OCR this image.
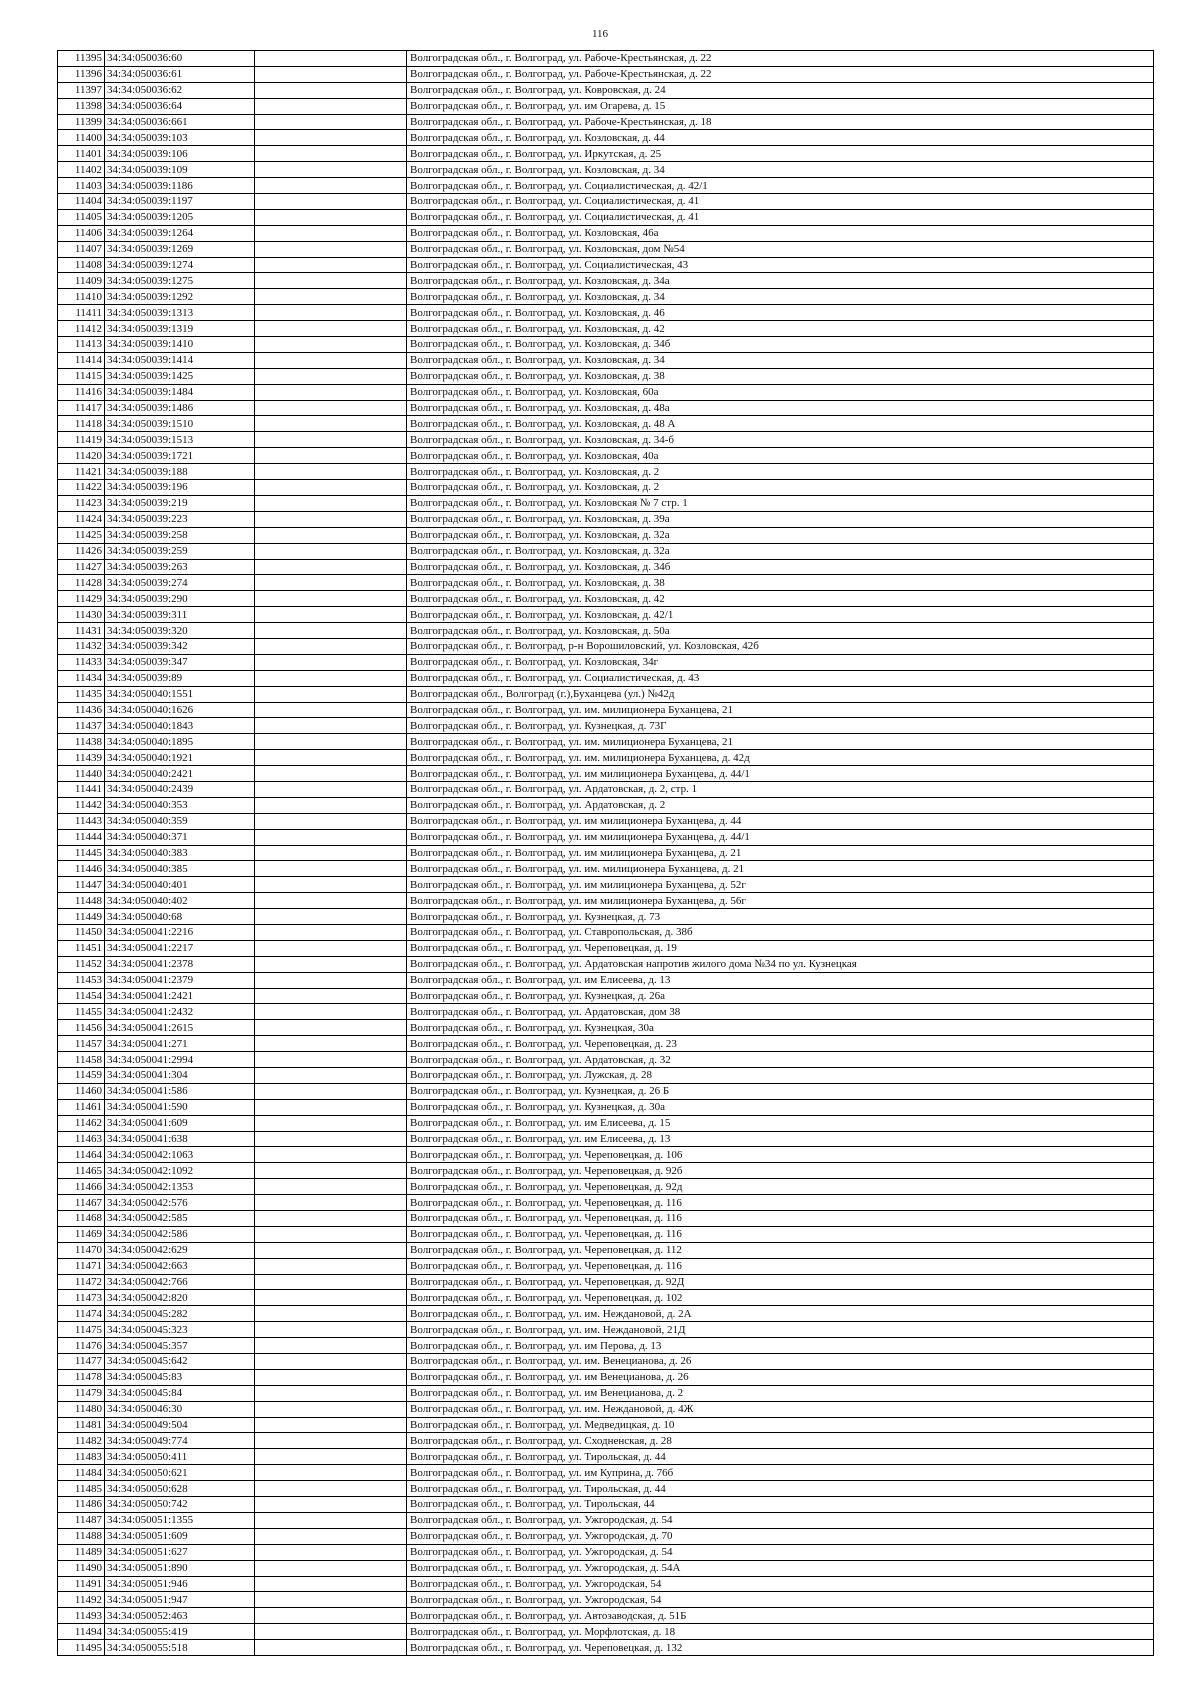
116
11395	34:34:050036:60		Волгоградская обл., г. Волгоград, ул. Рабоче-Крестьянская, д. 22
11396	34:34:050036:61		Волгоградская обл., г. Волгоград, ул. Рабоче-Крестьянская, д. 22
11397	34:34:050036:62		Волгоградская обл., г. Волгоград, ул. Ковровская, д. 24
11398	34:34:050036:64		Волгоградская обл., г. Волгоград, ул. им Огарева, д. 15
11399	34:34:050036:661		Волгоградская обл., г. Волгоград, ул. Рабоче-Крестьянская, д. 18
11400	34:34:050039:103		Волгоградская обл., г. Волгоград, ул. Козловская, д. 44
11401	34:34:050039:106		Волгоградская обл., г. Волгоград, ул. Иркутская, д. 25
11402	34:34:050039:109		Волгоградская обл., г. Волгоград, ул. Козловская, д. 34
11403	34:34:050039:1186		Волгоградская обл., г. Волгоград, ул. Социалистическая, д. 42/1
11404	34:34:050039:1197		Волгоградская обл., г. Волгоград, ул. Социалистическая, д. 41
11405	34:34:050039:1205		Волгоградская обл., г. Волгоград, ул. Социалистическая, д. 41
11406	34:34:050039:1264		Волгоградская обл., г. Волгоград, ул. Козловская, 46а
11407	34:34:050039:1269		Волгоградская обл., г. Волгоград, ул. Козловская, дом №54
11408	34:34:050039:1274		Волгоградская обл., г. Волгоград, ул. Социалистическая, 43
11409	34:34:050039:1275		Волгоградская обл., г. Волгоград, ул. Козловская, д. 34а
11410	34:34:050039:1292		Волгоградская обл., г. Волгоград, ул. Козловская, д. 34
11411	34:34:050039:1313		Волгоградская обл., г. Волгоград, ул. Козловская, д. 46
11412	34:34:050039:1319		Волгоградская обл., г. Волгоград, ул. Козловская, д. 42
11413	34:34:050039:1410		Волгоградская обл., г. Волгоград, ул. Козловская, д. 34б
11414	34:34:050039:1414		Волгоградская обл., г. Волгоград, ул. Козловская, д. 34
11415	34:34:050039:1425		Волгоградская обл., г. Волгоград, ул. Козловская, д. 38
11416	34:34:050039:1484		Волгоградская обл., г. Волгоград, ул. Козловская, 60а
11417	34:34:050039:1486		Волгоградская обл., г. Волгоград, ул. Козловская, д. 48а
11418	34:34:050039:1510		Волгоградская обл., г. Волгоград, ул. Козловская, д. 48 А
11419	34:34:050039:1513		Волгоградская обл., г. Волгоград, ул. Козловская, д. 34-б
11420	34:34:050039:1721		Волгоградская обл., г. Волгоград, ул. Козловская, 40а
11421	34:34:050039:188		Волгоградская обл., г. Волгоград, ул. Козловская, д. 2
11422	34:34:050039:196		Волгоградская обл., г. Волгоград, ул. Козловская, д. 2
11423	34:34:050039:219		Волгоградская обл., г. Волгоград, ул. Козловская № 7 стр. 1
11424	34:34:050039:223		Волгоградская обл., г. Волгоград, ул. Козловская, д. 39а
11425	34:34:050039:258		Волгоградская обл., г. Волгоград, ул. Козловская, д. 32а
11426	34:34:050039:259		Волгоградская обл., г. Волгоград, ул. Козловская, д. 32а
11427	34:34:050039:263		Волгоградская обл., г. Волгоград, ул. Козловская, д. 34б
11428	34:34:050039:274		Волгоградская обл., г. Волгоград, ул. Козловская, д. 38
11429	34:34:050039:290		Волгоградская обл., г. Волгоград, ул. Козловская, д. 42
11430	34:34:050039:311		Волгоградская обл., г. Волгоград, ул. Козловская, д. 42/1
11431	34:34:050039:320		Волгоградская обл., г. Волгоград, ул. Козловская, д. 50а
11432	34:34:050039:342		Волгоградская обл., г. Волгоград, р-н Ворошиловский, ул. Козловская, 42б
11433	34:34:050039:347		Волгоградская обл., г. Волгоград, ул. Козловская, 34г
11434	34:34:050039:89		Волгоградская обл., г. Волгоград, ул. Социалистическая, д. 43
11435	34:34:050040:1551		Волгоградская обл., Волгоград (г.),Буханцева (ул.) №42д
11436	34:34:050040:1626		Волгоградская обл., г. Волгоград, ул. им. милиционера Буханцева, 21
11437	34:34:050040:1843		Волгоградская обл., г. Волгоград, ул. Кузнецкая, д. 73Г
11438	34:34:050040:1895		Волгоградская обл., г. Волгоград, ул. им. милиционера Буханцева, 21
11439	34:34:050040:1921		Волгоградская обл., г. Волгоград, ул. им. милиционера Буханцева, д. 42д
11440	34:34:050040:2421		Волгоградская обл., г. Волгоград, ул. им милиционера Буханцева, д. 44/1
11441	34:34:050040:2439		Волгоградская обл., г. Волгоград, ул. Ардатовская, д. 2, стр. 1
11442	34:34:050040:353		Волгоградская обл., г. Волгоград, ул. Ардатовская, д. 2
11443	34:34:050040:359		Волгоградская обл., г. Волгоград, ул. им милиционера Буханцева, д. 44
11444	34:34:050040:371		Волгоградская обл., г. Волгоград, ул. им милиционера Буханцева, д. 44/1
11445	34:34:050040:383		Волгоградская обл., г. Волгоград, ул. им милиционера Буханцева, д. 21
11446	34:34:050040:385		Волгоградская обл., г. Волгоград, ул. им. милиционера Буханцева, д. 21
11447	34:34:050040:401		Волгоградская обл., г. Волгоград, ул. им милиционера Буханцева, д. 52г
11448	34:34:050040:402		Волгоградская обл., г. Волгоград, ул. им милиционера Буханцева, д. 56г
11449	34:34:050040:68		Волгоградская обл., г. Волгоград, ул. Кузнецкая, д. 73
11450	34:34:050041:2216		Волгоградская обл., г. Волгоград, ул. Ставропольская, д. 38б
11451	34:34:050041:2217		Волгоградская обл., г. Волгоград, ул. Череповецкая, д. 19
11452	34:34:050041:2378		Волгоградская обл., г. Волгоград, ул. Ардатовская напротив жилого дома №34 по ул. Кузнецкая
11453	34:34:050041:2379		Волгоградская обл., г. Волгоград, ул. им Елисеева, д. 13
11454	34:34:050041:2421		Волгоградская обл., г. Волгоград, ул. Кузнецкая, д. 26а
11455	34:34:050041:2432		Волгоградская обл., г. Волгоград, ул. Ардатовская, дом 38
11456	34:34:050041:2615		Волгоградская обл., г. Волгоград, ул. Кузнецкая, 30а
11457	34:34:050041:271		Волгоградская обл., г. Волгоград, ул. Череповецкая, д. 23
11458	34:34:050041:2994		Волгоградская обл., г. Волгоград, ул. Ардатовская, д. 32
11459	34:34:050041:304		Волгоградская обл., г. Волгоград, ул. Лужская, д. 28
11460	34:34:050041:586		Волгоградская обл., г. Волгоград, ул. Кузнецкая, д. 26 Б
11461	34:34:050041:590		Волгоградская обл., г. Волгоград, ул. Кузнецкая, д. 30а
11462	34:34:050041:609		Волгоградская обл., г. Волгоград, ул. им Елисеева, д. 15
11463	34:34:050041:638		Волгоградская обл., г. Волгоград, ул. им Елисеева, д. 13
11464	34:34:050042:1063		Волгоградская обл., г. Волгоград, ул. Череповецкая, д. 106
11465	34:34:050042:1092		Волгоградская обл., г. Волгоград, ул. Череповецкая, д. 92б
11466	34:34:050042:1353		Волгоградская обл., г. Волгоград, ул. Череповецкая, д. 92д
11467	34:34:050042:576		Волгоградская обл., г. Волгоград, ул. Череповецкая, д. 116
11468	34:34:050042:585		Волгоградская обл., г. Волгоград, ул. Череповецкая, д. 116
11469	34:34:050042:586		Волгоградская обл., г. Волгоград, ул. Череповецкая, д. 116
11470	34:34:050042:629		Волгоградская обл., г. Волгоград, ул. Череповецкая, д. 112
11471	34:34:050042:663		Волгоградская обл., г. Волгоград, ул. Череповецкая, д. 116
11472	34:34:050042:766		Волгоградская обл., г. Волгоград, ул. Череповецкая, д. 92Д
11473	34:34:050042:820		Волгоградская обл., г. Волгоград, ул. Череповецкая, д. 102
11474	34:34:050045:282		Волгоградская обл., г. Волгоград, ул. им. Неждановой, д. 2А
11475	34:34:050045:323		Волгоградская обл., г. Волгоград, ул. им. Неждановой, 21Д
11476	34:34:050045:357		Волгоградская обл., г. Волгоград, ул. им Перова, д. 13
11477	34:34:050045:642		Волгоградская обл., г. Волгоград, ул. им. Венецианова, д. 26
11478	34:34:050045:83		Волгоградская обл., г. Волгоград, ул. им Венецианова, д. 26
11479	34:34:050045:84		Волгоградская обл., г. Волгоград, ул. им Венецианова, д. 2
11480	34:34:050046:30		Волгоградская обл., г. Волгоград, ул. им. Неждановой, д. 4Ж
11481	34:34:050049:504		Волгоградская обл., г. Волгоград, ул. Медведицкая, д. 10
11482	34:34:050049:774		Волгоградская обл., г. Волгоград, ул. Сходненская, д. 28
11483	34:34:050050:411		Волгоградская обл., г. Волгоград, ул. Тирольская, д. 44
11484	34:34:050050:621		Волгоградская обл., г. Волгоград, ул. им Куприна, д. 76б
11485	34:34:050050:628		Волгоградская обл., г. Волгоград, ул. Тирольская, д. 44
11486	34:34:050050:742		Волгоградская обл., г. Волгоград, ул. Тирольская, 44
11487	34:34:050051:1355		Волгоградская обл., г. Волгоград, ул. Ужгородская, д. 54
11488	34:34:050051:609		Волгоградская обл., г. Волгоград, ул. Ужгородская, д. 70
11489	34:34:050051:627		Волгоградская обл., г. Волгоград, ул. Ужгородская, д. 54
11490	34:34:050051:890		Волгоградская обл., г. Волгоград, ул. Ужгородская, д. 54А
11491	34:34:050051:946		Волгоградская обл., г. Волгоград, ул. Ужгородская, 54
11492	34:34:050051:947		Волгоградская обл., г. Волгоград, ул. Ужгородская, 54
11493	34:34:050052:463		Волгоградская обл., г. Волгоград, ул. Автозаводская, д. 51Б
11494	34:34:050055:419		Волгоградская обл., г. Волгоград, ул. Морфлотская, д. 18
11495	34:34:050055:518		Волгоградская обл., г. Волгоград, ул. Череповецкая, д. 132
